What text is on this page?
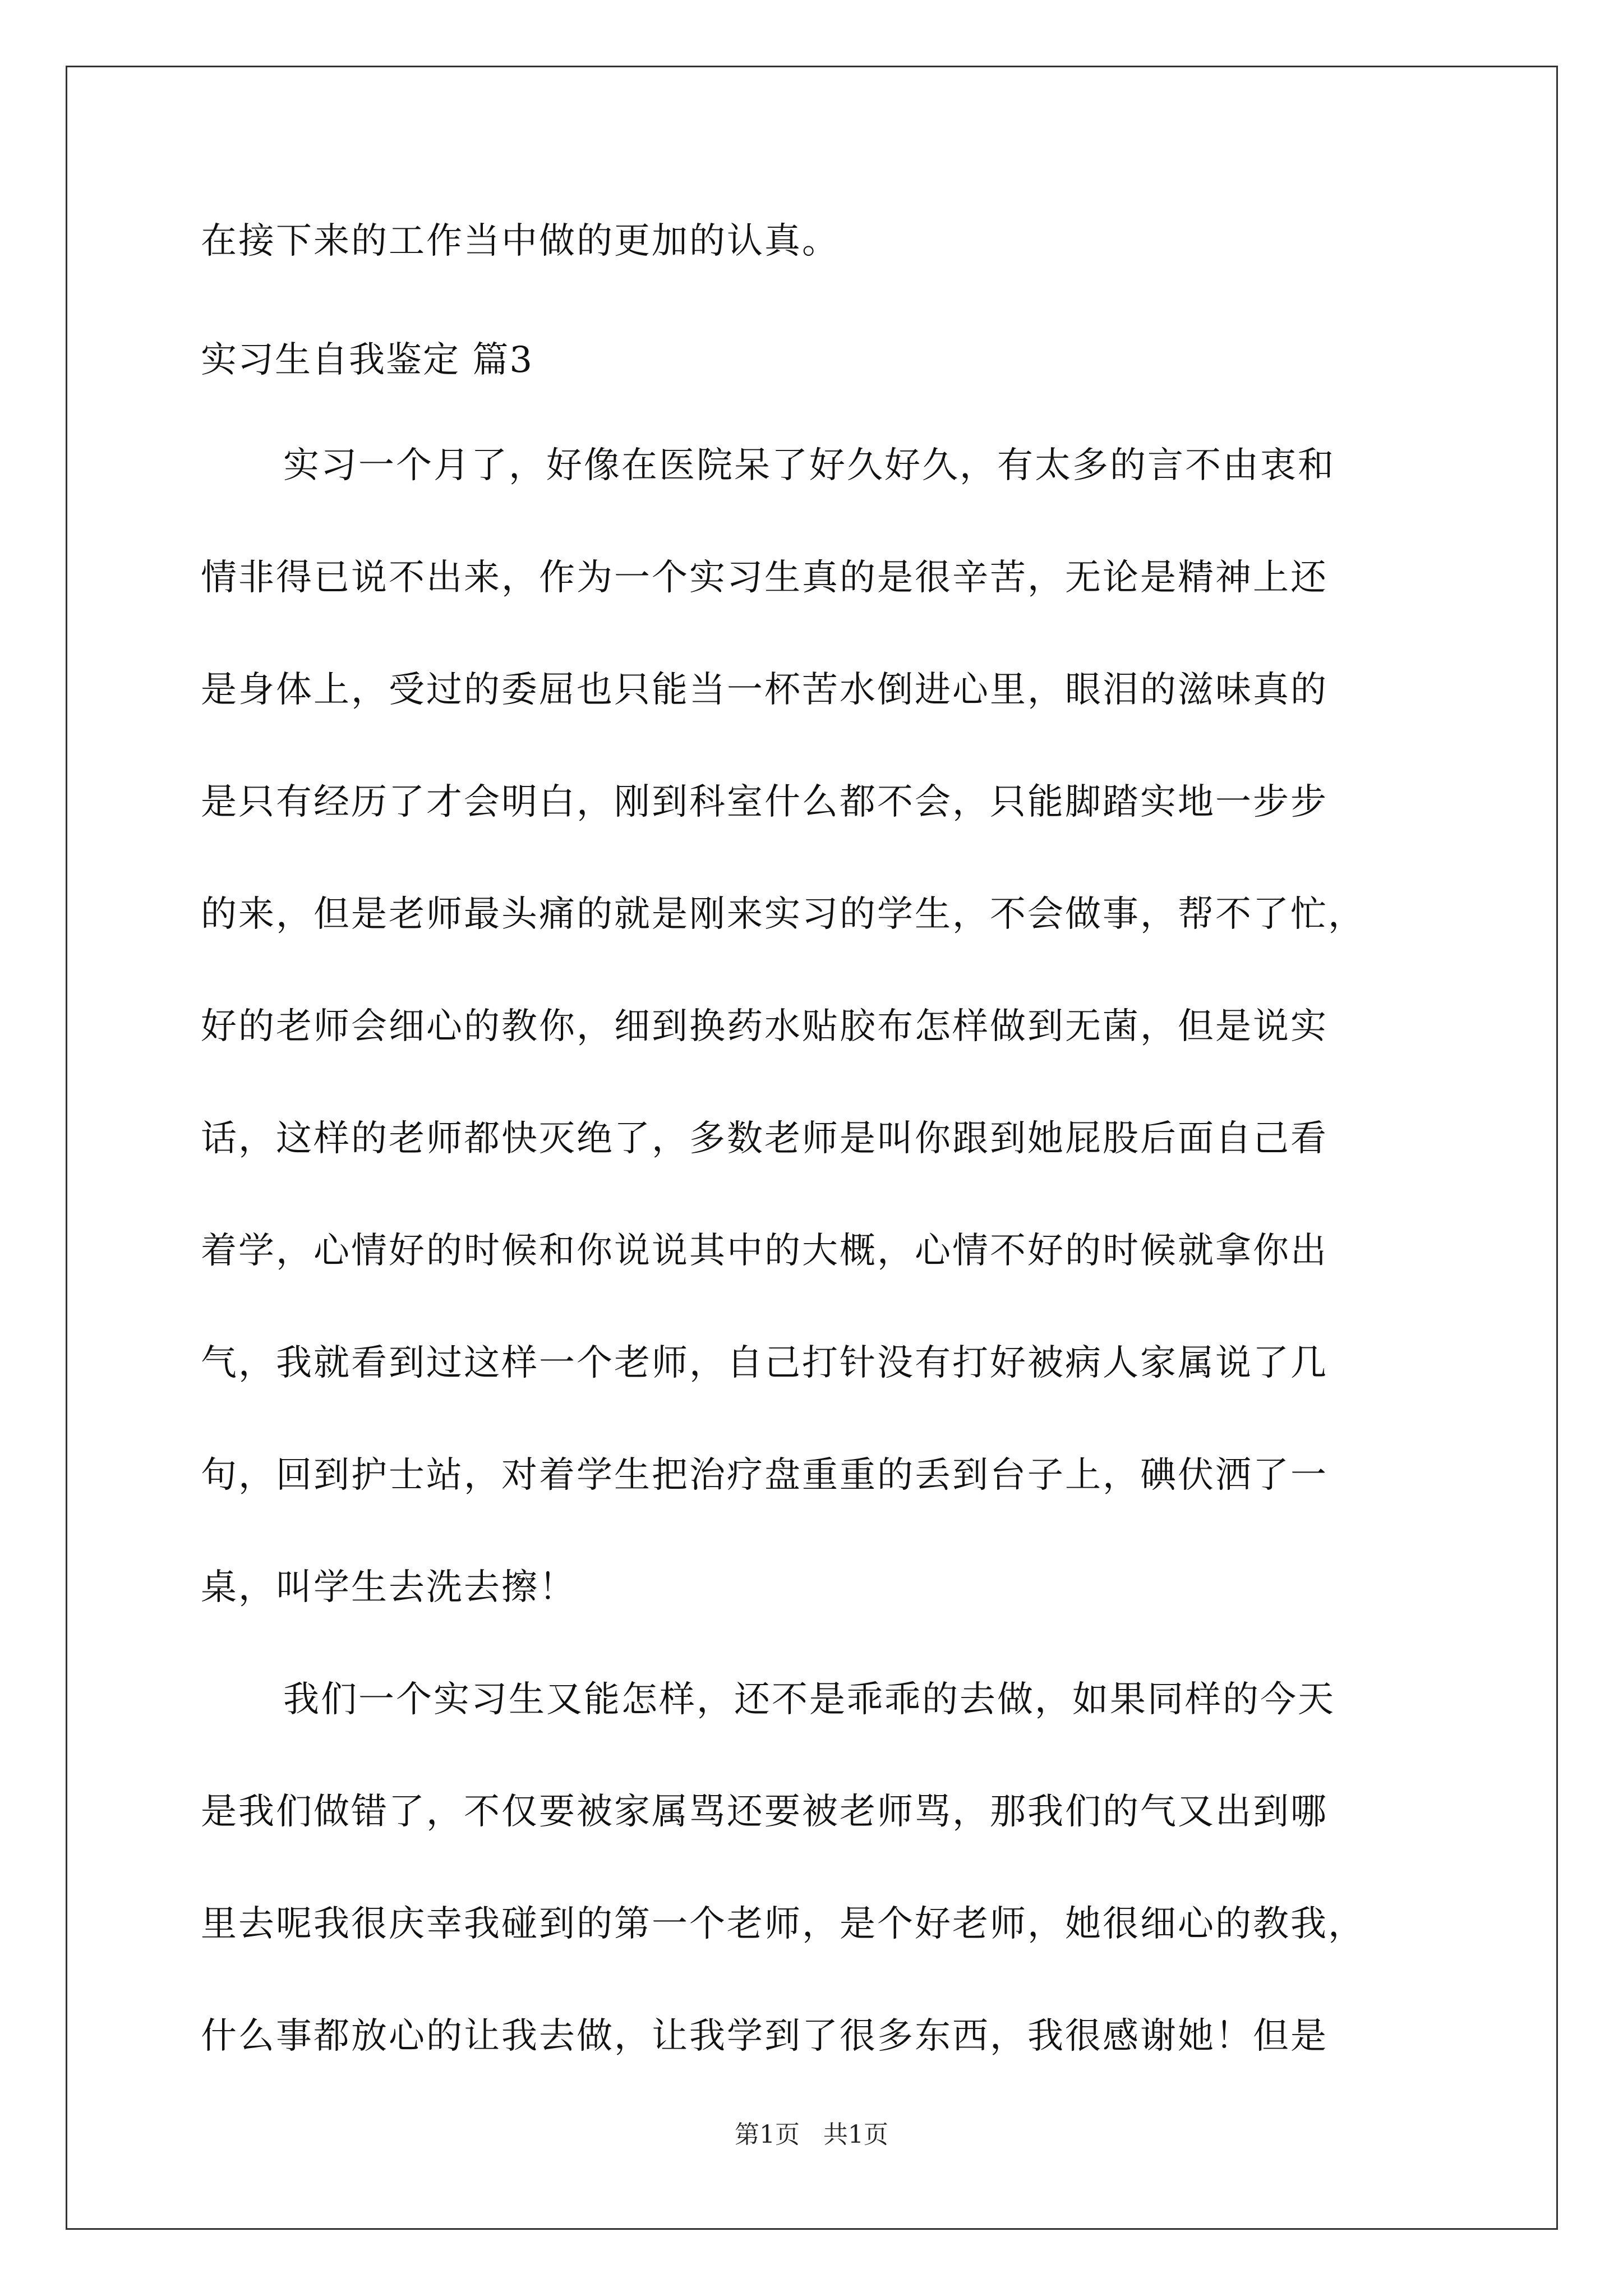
在接下来的工作当中做的更加的认真。
实习生自我鉴定 篇3
实习一个月了，好像在医院呆了好久好久，有太多的言不由衷和
情非得已说不出来，作为一个实习生真的是很辛苦，无论是精神上还
是身体上，受过的委屈也只能当一杯苦水倒进心里，眼泪的滋味真的
是只有经历了才会明白，刚到科室什么都不会，只能脚踏实地一步步
的来，但是老师最头痛的就是刚来实习的学生，不会做事，帮不了忙，
好的老师会细心的教你，细到换药水贴胶布怎样做到无菌，但是说实
话，这样的老师都快灭绝了，多数老师是叫你跟到她屁股后面自己看
着学，心情好的时候和你说说其中的大概，心情不好的时候就拿你出
气，我就看到过这样一个老师，自己打针没有打好被病人家属说了几
句，回到护士站，对着学生把治疗盘重重的丢到台子上，碘伏洒了一
桌，叫学生去洗去擦！
我们一个实习生又能怎样，还不是乖乖的去做，如果同样的今天
是我们做错了，不仅要被家属骂还要被老师骂，那我们的气又出到哪
里去呢我很庆幸我碰到的第一个老师，是个好老师，她很细心的教我，
什么事都放心的让我去做，让我学到了很多东西，我很感谢她！但是
第1页   共1页
